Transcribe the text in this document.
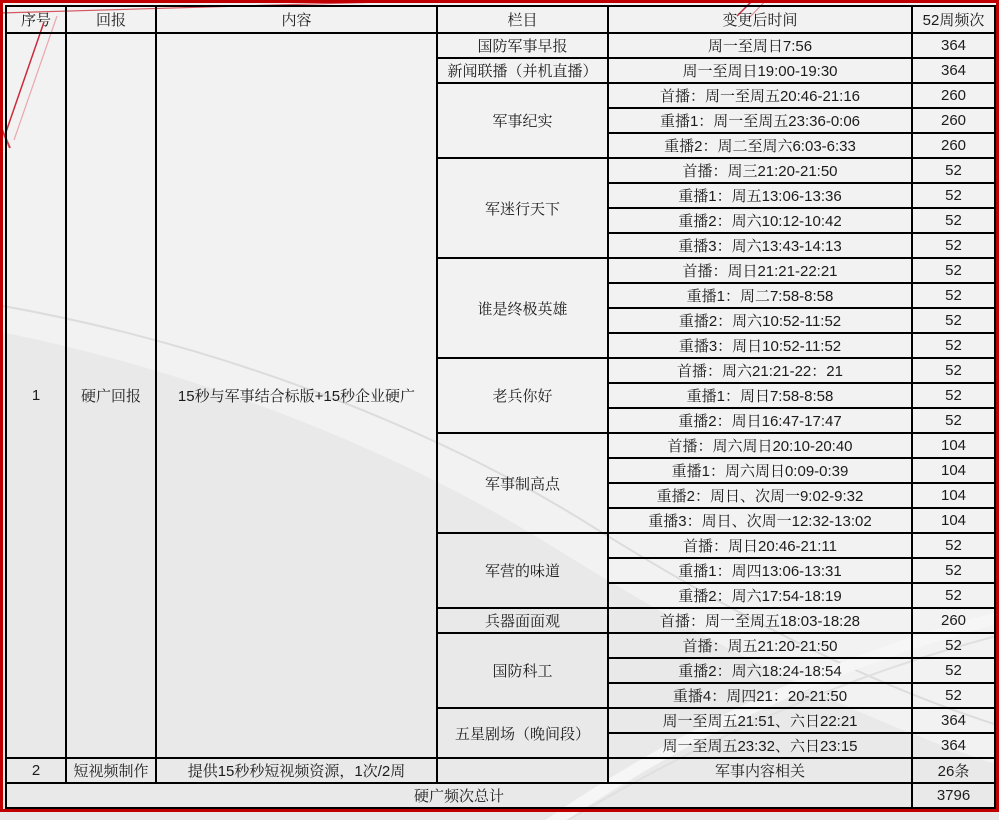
序号	回报	内容	栏目	变更后时间	52周频次
1	硬广回报	15秒与军事结合标版+15秒企业硬广	国防军事早报	周一至周日7:56	364
			新闻联播（并机直播）	周一至周日19:00-19:30	364
			军事纪实	首播：周一至周五20:46-21:16	260
				重播1：周一至周五23:36-0:06	260
				重播2：周二至周六6:03-6:33	260
			军迷行天下	首播：周三21:20-21:50	52
				重播1：周五13:06-13:36	52
				重播2：周六10:12-10:42	52
				重播3：周六13:43-14:13	52
			谁是终极英雄	首播：周日21:21-22:21	52
				重播1：周二7:58-8:58	52
				重播2：周六10:52-11:52	52
				重播3：周日10:52-11:52	52
			老兵你好	首播：周六21:21-22：21	52
				重播1：周日7:58-8:58	52
				重播2：周日16:47-17:47	52
			军事制高点	首播：周六周日20:10-20:40	104
				重播1：周六周日0:09-0:39	104
				重播2：周日、次周一9:02-9:32	104
				重播3：周日、次周一12:32-13:02	104
			军营的味道	首播：周日20:46-21:11	52
				重播1：周四13:06-13:31	52
				重播2：周六17:54-18:19	52
			兵器面面观	首播：周一至周五18:03-18:28	260
			国防科工	首播：周五21:20-21:50	52
				重播2：周六18:24-18:54	52
				重播4：周四21：20-21:50	52
			五星剧场（晚间段）	周一至周五21:51、六日22:21	364
				周一至周五23:32、六日23:15	364
2	短视频制作	提供15秒秒短视频资源，1次/2周		军事内容相关	26条
硬广频次总计					3796
